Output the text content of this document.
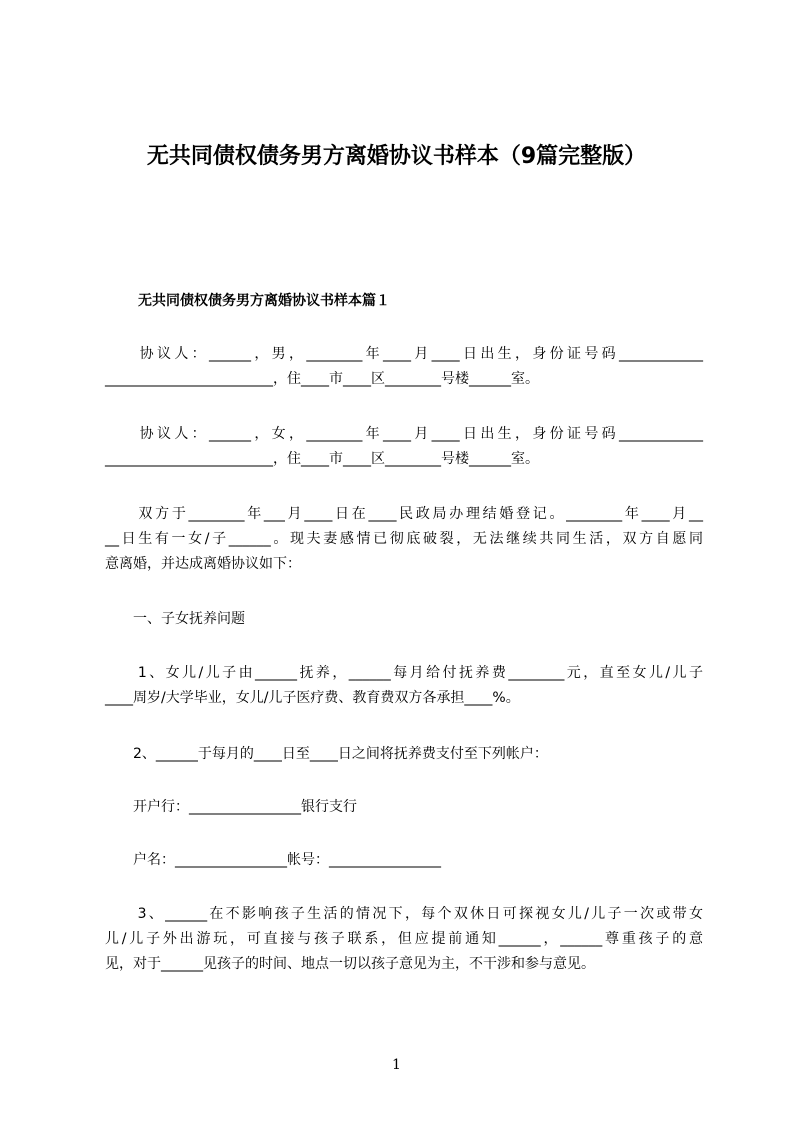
无共同债权债务男方离婚协议书样本（9篇完整版）
无共同债权债务男方离婚协议书样本篇１
　　协议人：______，男，________年____月____日出生，身份证号码____________
________________________，住____市____区________号楼______室。
　　协议人：______，女，________年____月____日出生，身份证号码____________
________________________，住____市____区________号楼______室。
　　双方于________年___月____日在____民政局办理结婚登记。________年____月__
__日生有一女/子______。现夫妻感情已彻底破裂，无法继续共同生活，双方自愿同
意离婚，并达成离婚协议如下：
　　一、子女抚养问题
　　1、女儿/儿子由______抚养，______每月给付抚养费________元，直至女儿/儿子
____周岁/大学毕业，女儿/儿子医疗费、教育费双方各承担____%。
　　2、______于每月的____日至____日之间将抚养费支付至下列帐户：
　　开户行：________________银行支行
　　户名：________________帐号：________________
　　3、______在不影响孩子生活的情况下，每个双休日可探视女儿/儿子一次或带女
儿/儿子外出游玩，可直接与孩子联系，但应提前通知______，______尊重孩子的意
见，对于______见孩子的时间、地点一切以孩子意见为主，不干涉和参与意见。
1
